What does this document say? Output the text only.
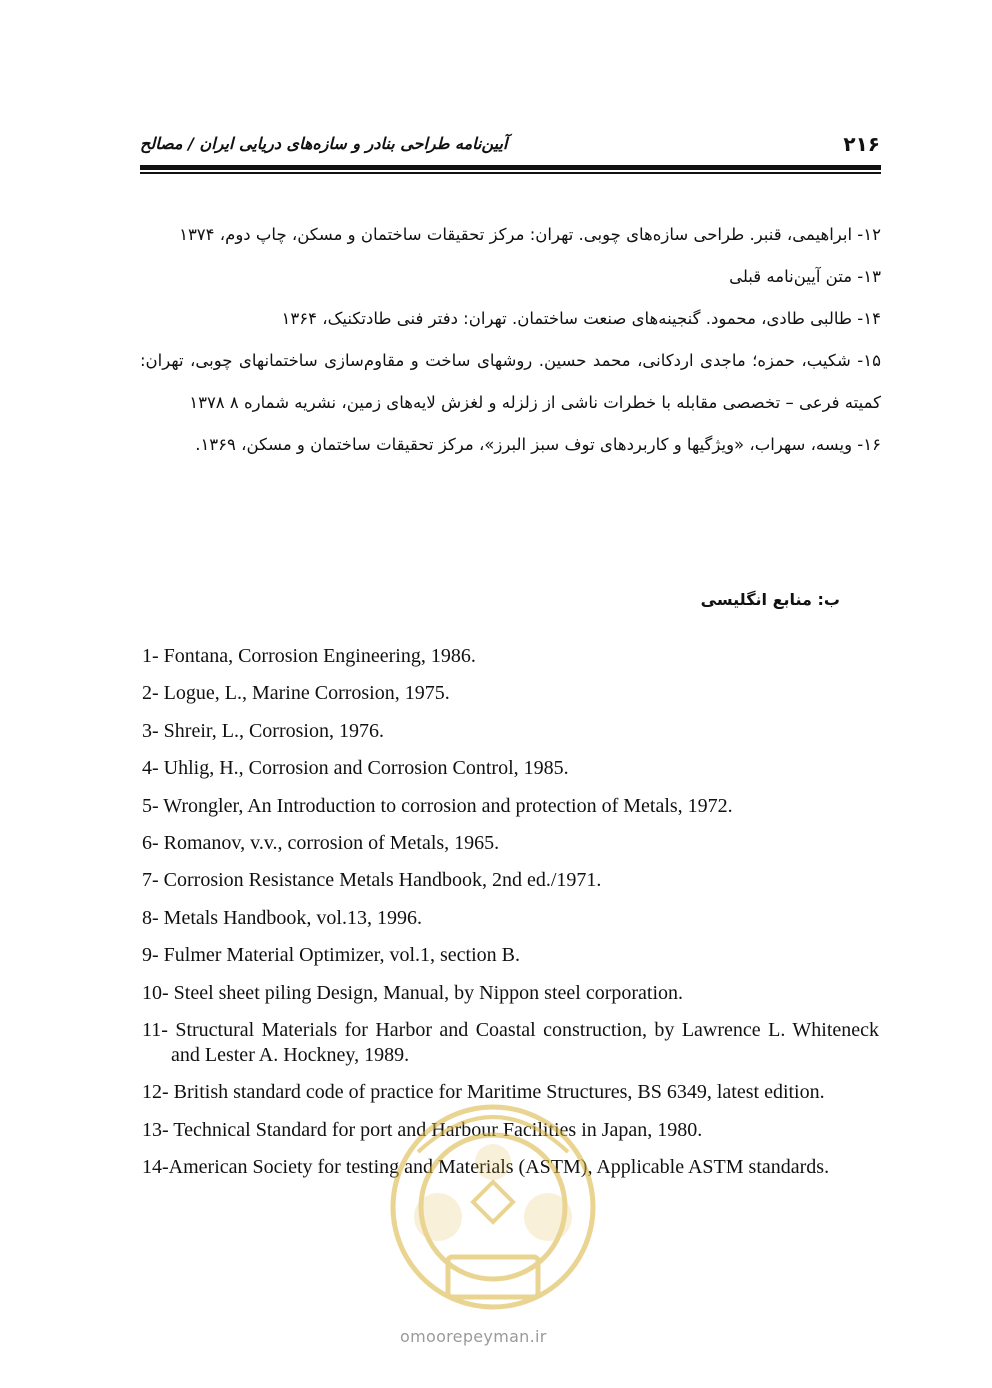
۲۱۶
آیین‌نامه طراحی بنادر و سازه‌های دریایی ایران / مصالح

۱۲- ابراهیمی، قنبر. طراحی سازه‌های چوبی. تهران: مرکز تحقیقات ساختمان و مسکن، چاپ دوم، ۱۳۷۴

۱۳- متن آیین‌نامه قبلی

۱۴- طالبی طادی، محمود. گنجینه‌های صنعت ساختمان. تهران: دفتر فنی طادتکنیک، ۱۳۶۴

۱۵- شکیب، حمزه؛ ماجدی اردکانی، محمد حسین. روشهای ساخت و مقاوم‌سازی ساختمانهای چوبی، تهران: کمیته فرعی – تخصصی مقابله با خطرات ناشی از زلزله و لغزش لایه‌های زمین، نشریه شماره ۸ ۱۳۷۸

۱۶- ویسه، سهراب، «ویژگیها و کاربردهای توف سبز البرز»، مرکز تحقیقات ساختمان و مسکن، ۱۳۶۹.

ب: منابع انگلیسی

1- Fontana, Corrosion Engineering, 1986.

2- Logue, L., Marine Corrosion, 1975.

3- Shreir, L., Corrosion, 1976.

4- Uhlig, H., Corrosion and Corrosion Control, 1985.

5- Wrongler, An Introduction to corrosion and protection of Metals, 1972.

6- Romanov, v.v., corrosion of Metals, 1965.

7- Corrosion Resistance Metals Handbook, 2nd ed./1971.

8- Metals Handbook, vol.13, 1996.

9- Fulmer Material Optimizer, vol.1, section B.

10- Steel sheet piling Design, Manual, by Nippon steel corporation.

11- Structural Materials for Harbor and Coastal construction, by Lawrence L. Whiteneck and Lester A. Hockney, 1989.

12- British standard code of practice for Maritime Structures, BS 6349, latest edition.

13- Technical Standard for port and Harbour Facilities in Japan, 1980.

14-American Society for testing and Materials (ASTM), Applicable ASTM standards.

omoorepeyman.ir
